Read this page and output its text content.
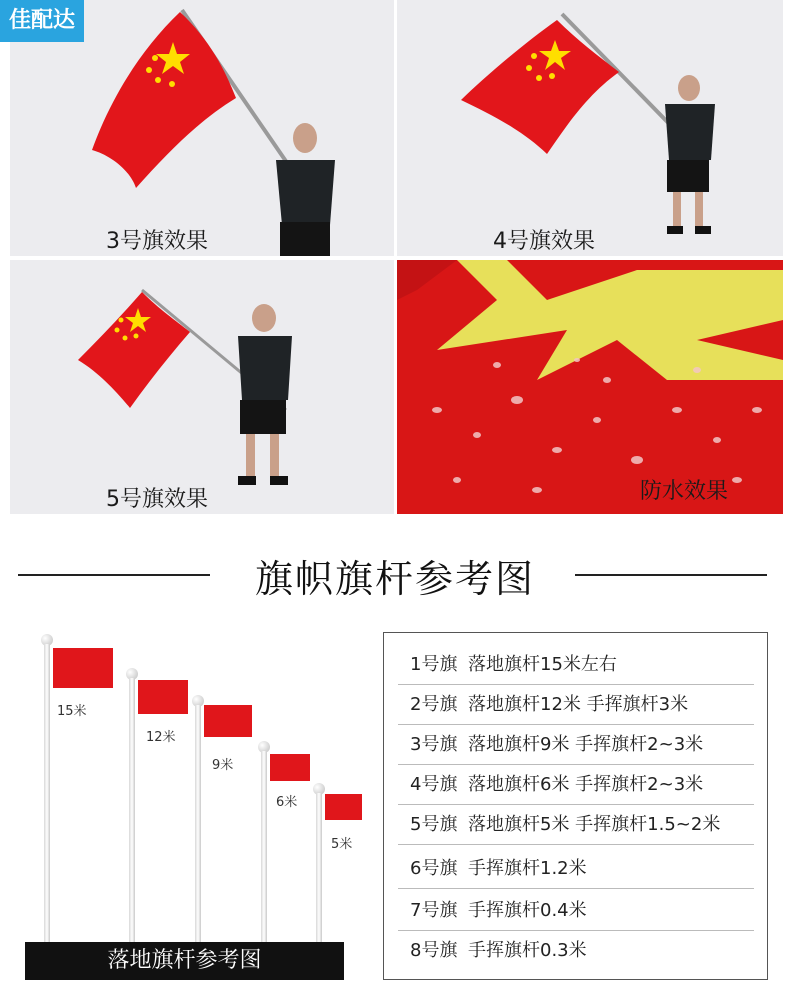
佳配达
3号旗效果	4号旗效果
5号旗效果	防水效果
旗帜旗杆参考图
15米
12米
9米
6米
5米
落地旗杆参考图
1号旗 落地旗杆15米左右
2号旗 落地旗杆12米 手挥旗杆3米
3号旗 落地旗杆9米 手挥旗杆2~3米
4号旗 落地旗杆6米 手挥旗杆2~3米
5号旗 落地旗杆5米 手挥旗杆1.5~2米
6号旗 手挥旗杆1.2米
7号旗 手挥旗杆0.4米
8号旗 手挥旗杆0.3米
